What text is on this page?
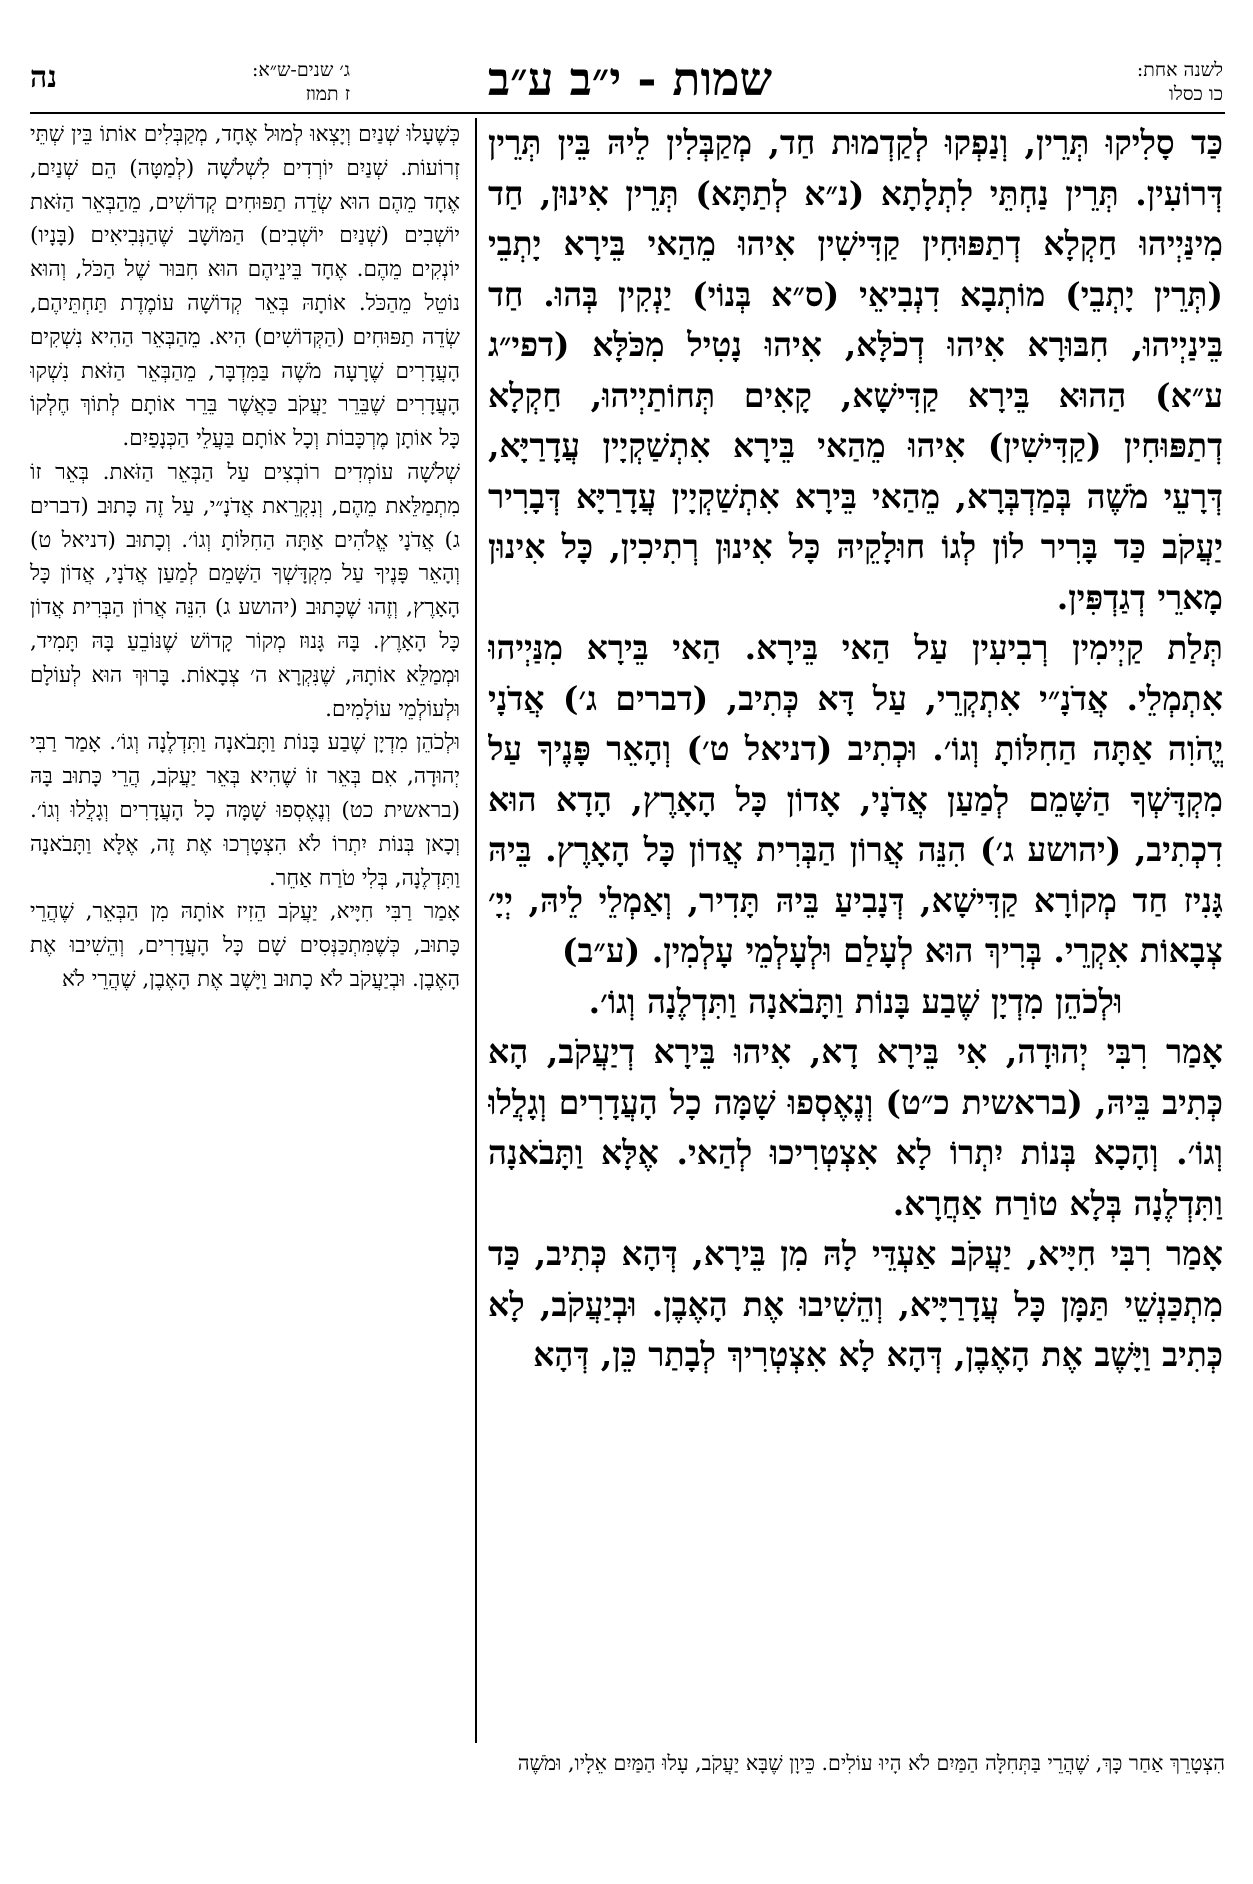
לשנה אחת:
כו כסלו
שמות - י״ב ע״ב
ג׳ שנים-ש״א:
ז תמוז
נה

כַּד סָלִיקוּ תְּרֵין, וְנַפְקוּ לְקַדְמוּת חַד, מְקַבְּלִין לֵיהּ בֵּין תְּרֵין דְּרוֹעִין. תְּרֵין נַחְתֵּי לִתְלָתָא (נ״א לְתַתָּא) תְּרֵין אִינוּן, חַד מִינַּיְיהוּ חַקְלָא דְתַפּוּחִין קַדִּישִׁין אִיהוּ מֵהַאי בֵּירָא יָתְבֵי (תְּרֵין יָתְבֵי) מוֹתְבָא דִנְבִיאֵי (ס״א בְּנוֹי) יַנְקִין בְּהוּ. חַד בֵּינַיְיהוּ, חִבּוּרָא אִיהוּ דְכֹלָּא, אִיהוּ נָטִיל מִכֹּלָּא (דפי״ג ע״א) הַהוּא בֵּירָא קַדִּישָׁא, קָאִים תְּחוֹתַיְיהוּ, חַקְלָא דְתַפּוּחִין (קַדִּישִׁין) אִיהוּ מֵהַאי בֵּירָא אִתְשַׁקְיָין עֲדָרַיָּא, דְּרָעֵי מֹשֶׁה בְּמַדְבְּרָא, מֵהַאי בֵּירָא אִתְשַׁקְיָין עֲדָרַיָּא דְּבָרִיר יַעֲקֹב כַּד בָּרִיר לוֹן לְגוֹ חוּלָקֵיהּ כָּל אִינוּן רְתִיכִין, כָּל אִינוּן מָארֵי דְגַדְפִּין.

תְּלַת קַיְימִין רְבִיעִין עַל הַאי בֵּירָא. הַאי בֵּירָא מִנַּיְיהוּ אִתְמְלֵי. אֲדֹנָ״י אִתְקְרֵי, עַל דָּא כְּתִיב, (דברים ג׳) אֲדֹנָי יֱהֹוִה אַתָּה הַחִלּוֹתָ וְגוֹ׳. וּכְתִיב (דניאל ט׳) וְהָאֵר פָּנֶיךָ עַל מִקְדָּשְׁךָ הַשָּׁמֵם לְמַעַן אֲדֹנָי, אָדוֹן כָּל הָאָרֶץ, הָדָא הוּא דִכְתִיב, (יהושע ג׳) הִנֵּה אֲרוֹן הַבְּרִית אֲדוֹן כָּל הָאָרֶץ. בֵּיהּ גָּנִיז חַד מְקוֹרָא קַדִּישָׁא, דְּנָבִיעַ בֵּיהּ תָּדִיר, וְאַמְלֵי לֵיהּ, יְיָ׳ צְבָאוֹת אִקְרֵי. בְּרִיךְ הוּא לְעָלַם וּלְעָלְמֵי עָלְמִין. (ע״ב)

וּלְכֹהֵן מִדְיָן שֶׁבַע בָּנוֹת וַתָּבֹאנָה וַתִּדְלֶנָה וְגוֹ׳.

אָמַר רִבִּי יְהוּדָה, אִי בֵּירָא דָא, אִיהוּ בֵּירָא דְיַעֲקֹב, הָא כְּתִיב בֵּיהּ, (בראשית כ״ט) וְנֶאֶסְפוּ שָׁמָּה כָל הָעֲדָרִים וְגָלֲלוּ וְגוֹ׳. וְהָכָא בְּנוֹת יִתְרוֹ לָא אִצְטְרִיכוּ לְהַאי. אֶלָּא וַתָּבֹאנָה וַתִּדְלֶנָה בְּלָא טוֹרַח אַחֲרָא.

אָמַר רִבִּי חִיָּיא, יַעֲקֹב אַעְדֵּי לָהּ מִן בֵּירָא, דְּהָא כְּתִיב, כַּד מִתְכַּנְשֵׁי תַּמָּן כָּל עֲדָרַיָּיא, וְהֵשִׁיבוּ אֶת הָאֶבֶן. וּבְיַעֲקֹב, לָא כְּתִיב וַיָּשֶׁב אֶת הָאֶבֶן, דְּהָא לָא אִצְטְרִיךְ לְבָתַר כֵּן, דְּהָא

כְּשֶׁעָלוּ שְׁנַיִם וְיָצְאוּ לְמוּל אֶחָד, מְקַבְּלִים אוֹתוֹ בֵּין שְׁתֵּי זְרוֹעוֹת. שְׁנַיִם יוֹרְדִים לִשְׁלֹשָׁה (לְמַטָּה) הֵם שְׁנַיִם, אֶחָד מֵהֶם הוּא שְׂדֵה תַפּוּחִים קְדוֹשִׁים, מֵהַבְּאֵר הַזֹּאת יוֹשְׁבִים (שְׁנַיִם יוֹשְׁבִים) הַמּוֹשָׁב שֶׁהַנְּבִיאִים (בָּנָיו) יוֹנְקִים מֵהֶם. אֶחָד בֵּינֵיהֶם הוּא חִבּוּר שֶׁל הַכֹּל, וְהוּא נוֹטֵל מֵהַכֹּל. אוֹתָהּ בְּאֵר קְדוֹשָׁה עוֹמֶדֶת תַּחְתֵּיהֶם, שְׂדֵה תַפּוּחִים (הַקְּדוֹשִׁים) הִיא. מֵהַבְּאֵר הַהִיא נִשְׁקִים הָעֲדָרִים שֶׁרָעָה מֹשֶׁה בַּמִּדְבָּר, מֵהַבְּאֵר הַזֹּאת נִשְׁקוּ הָעֲדָרִים שֶׁבֵּרֵר יַעֲקֹב כַּאֲשֶׁר בֵּרֵר אוֹתָם לְתוֹךְ חֶלְקוֹ כָּל אוֹתָן מֶרְכָּבוֹת וְכָל אוֹתָם בַּעֲלֵי הַכְּנָפַיִם.

שְׁלֹשָׁה עוֹמְדִים רוֹבְצִים עַל הַבְּאֵר הַזֹּאת. בְּאֵר זוֹ מִתְמַלֵּאת מֵהֶם, וְנִקְרֵאת אֲדֹנָ״י, עַל זֶה כָּתוּב (דברים ג) אֲדֹנָי אֱלֹהִים אַתָּה הַחִלּוֹתָ וְגוֹ׳. וְכָתוּב (דניאל ט) וְהָאֵר פָּנֶיךָ עַל מִקְדָּשְׁךָ הַשָּׁמֵם לְמַעַן אֲדֹנָי, אֲדוֹן כָּל הָאָרֶץ, וְזֶהוּ שֶׁכָּתוּב (יהושע ג) הִנֵּה אֲרוֹן הַבְּרִית אֲדוֹן כָּל הָאָרֶץ. בָּהּ גָּנוּז מְקוֹר קָדוֹשׁ שֶׁנּוֹבֵעַ בָּהּ תָּמִיד, וּמְמַלֵּא אוֹתָהּ, שֶׁנִּקְרָא ה׳ צְבָאוֹת. בָּרוּךְ הוּא לְעוֹלָם וּלְעוֹלְמֵי עוֹלָמִים.

וּלְכֹהֵן מִדְיָן שֶׁבַע בָּנוֹת וַתָּבֹאנָה וַתִּדְלֶנָה וְגוֹ׳. אָמַר רַבִּי יְהוּדָה, אִם בְּאֵר זוֹ שֶׁהִיא בְּאֵר יַעֲקֹב, הֲרֵי כָּתוּב בָּהּ (בראשית כט) וְנֶאֶסְפוּ שָׁמָּה כָל הָעֲדָרִים וְגָלֲלוּ וְגוֹ׳. וְכָאן בְּנוֹת יִתְרוֹ לֹא הִצְטָרְכוּ אֶת זֶה, אֶלָּא וַתָּבֹאנָה וַתִּדְלֶנָה, בְּלִי טֹרַח אַחֵר.

אָמַר רַבִּי חִיָּיא, יַעֲקֹב הֵזִיז אוֹתָהּ מִן הַבְּאֵר, שֶׁהֲרֵי כָּתוּב, כְּשֶׁמִּתְכַּנְּסִים שָׁם כָּל הָעֲדָרִים, וְהֵשִׁיבוּ אֶת הָאֶבֶן. וּבְיַעֲקֹב לֹא כָתוּב וַיָּשֶׁב אֶת הָאֶבֶן, שֶׁהֲרֵי לֹא

הִצְטָרֵךְ אַחַר כָּךְ, שֶׁהֲרֵי בַּתְּחִלָּה הַמַּיִם לֹא הָיוּ עוֹלִים. כֵּיוָן שֶׁבָּא יַעֲקֹב, עָלוּ הַמַּיִם אֵלָיו, וּמֹשֶׁה
